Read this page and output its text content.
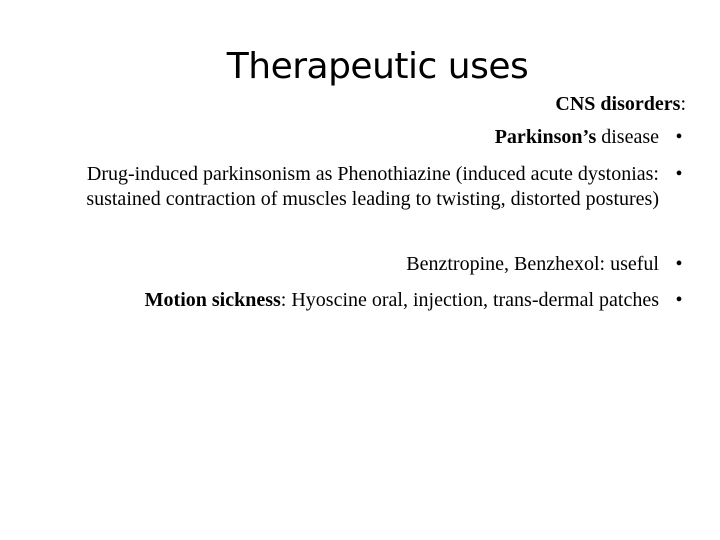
Therapeutic uses
CNS disorders:
Parkinson’s disease •
Drug-induced parkinsonism as Phenothiazine (induced acute dystonias: sustained contraction of muscles leading to twisting, distorted postures)
•
Benztropine, Benzhexol: useful •
Motion sickness: Hyoscine oral, injection, trans-dermal patches •
